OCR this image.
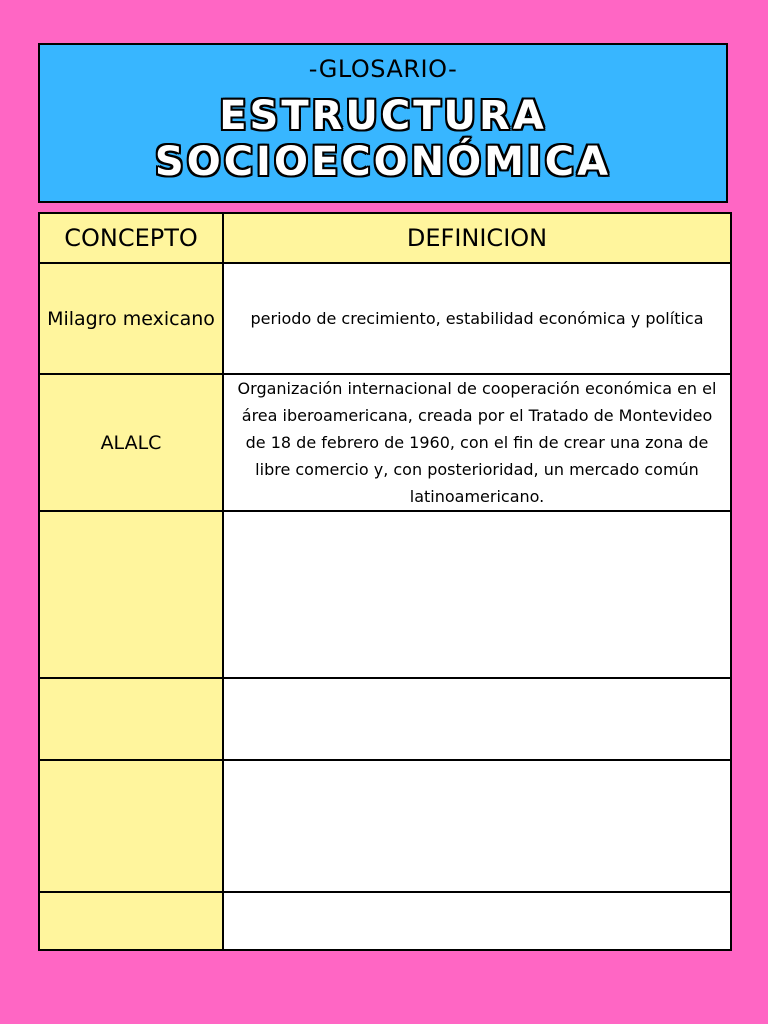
-GLOSARIO-
ESTRUCTURA
SOCIOECONÓMICA
CONCEPTO	DEFINICION
Milagro mexicano	periodo de crecimiento, estabilidad económica y política
ALALC	Organización internacional de cooperación económica en el área iberoamericana, creada por el Tratado de Montevideo de 18 de febrero de 1960, con el fin de crear una zona de libre comercio y, con posterioridad, un mercado común latinoamericano.
